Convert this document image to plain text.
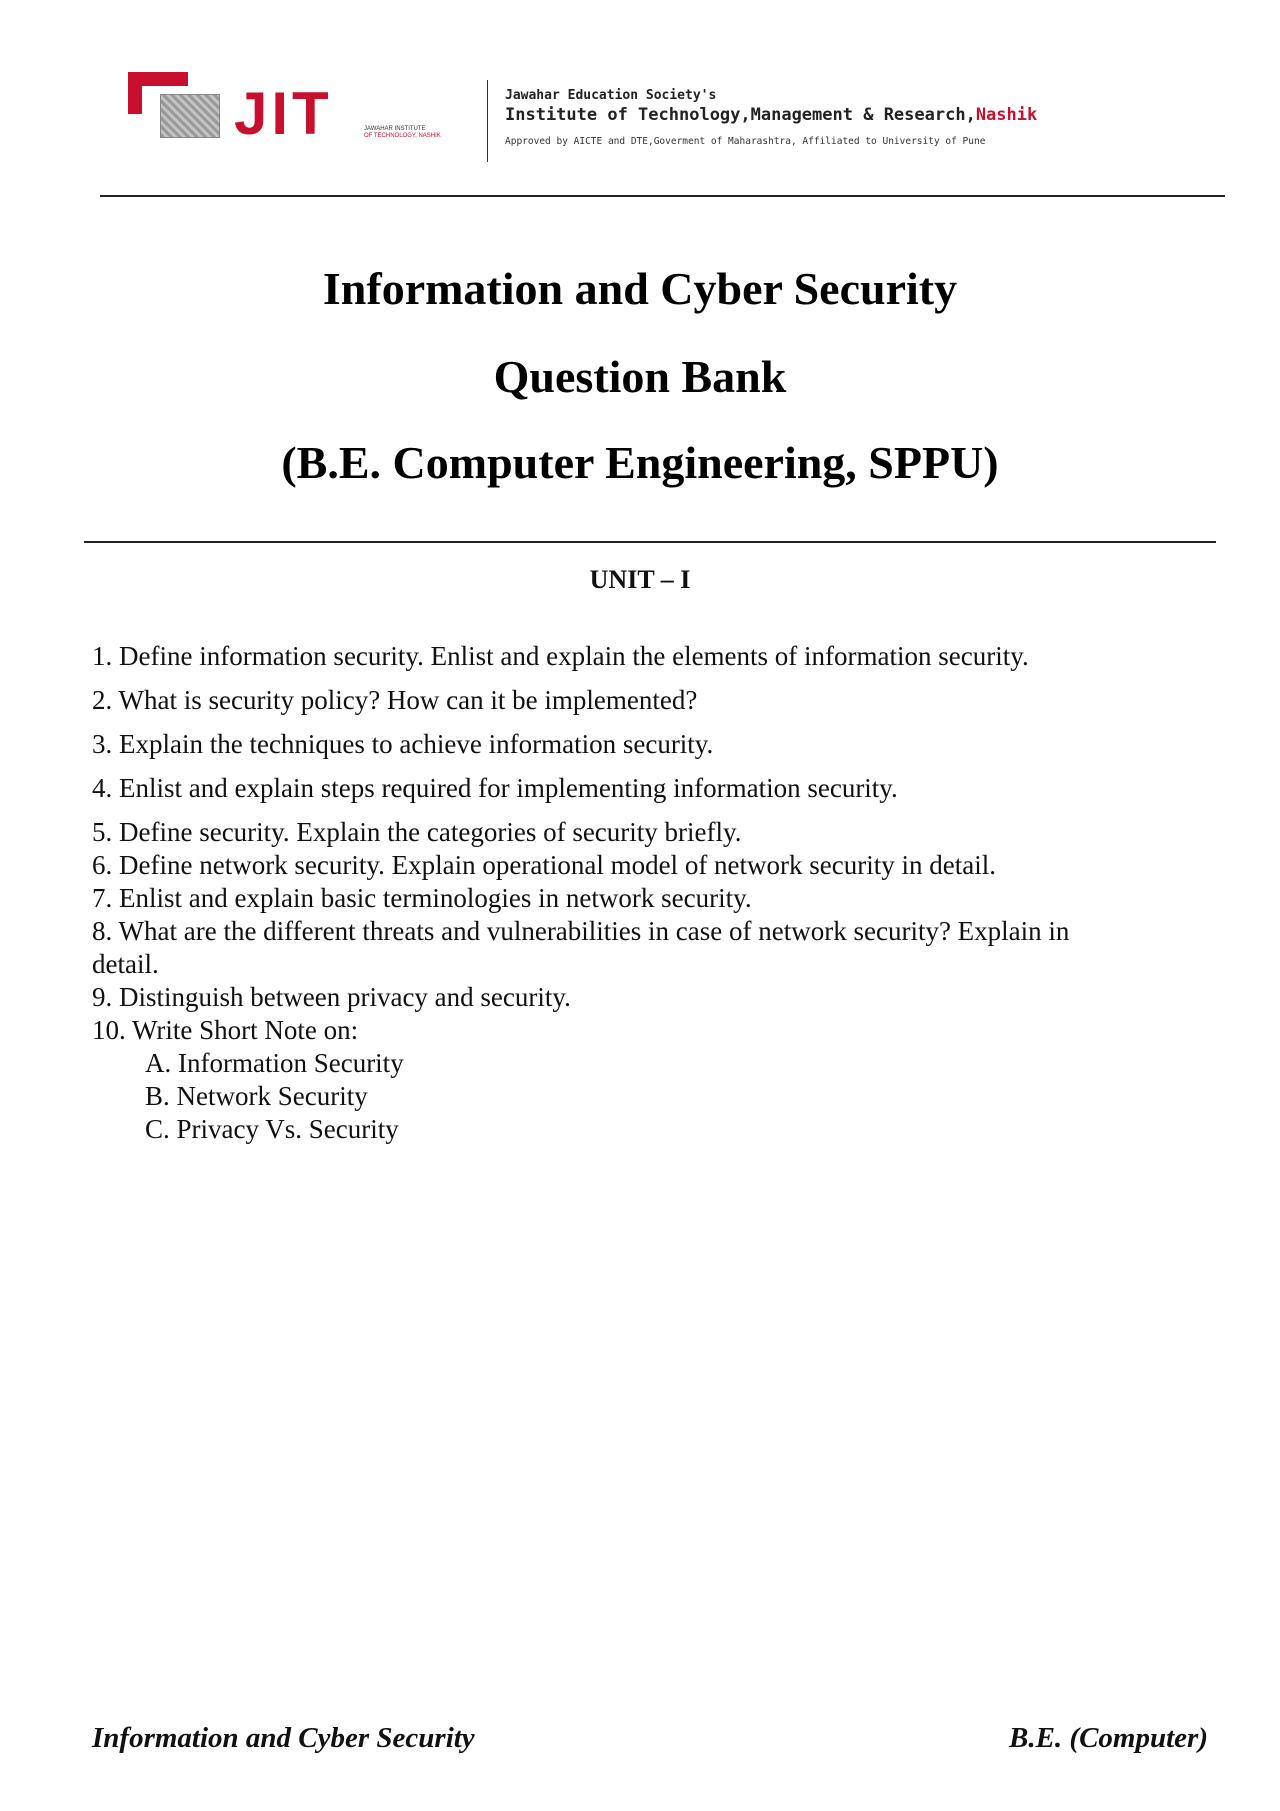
JIT	JAWAHAR INSTITUTE
OF TECHNOLOGY, NASHIK
Jawahar Education Society's
Institute of Technology,Management & Research,Nashik
Approved by AICTE and DTE,Goverment of Maharashtra, Affiliated to University of Pune
Information and Cyber Security
Question Bank
(B.E. Computer Engineering, SPPU)
UNIT – I
1. Define information security. Enlist and explain the elements of information security.
2. What is security policy? How can it be implemented?
3. Explain the techniques to achieve information security.
4. Enlist and explain steps required for implementing information security.
5. Define security. Explain the categories of security briefly.
6. Define network security. Explain operational model of network security in detail.
7. Enlist and explain basic terminologies in network security.
8. What are the different threats and vulnerabilities in case of network security? Explain in
detail.
9. Distinguish between privacy and security.
10. Write Short Note on:
A. Information Security
B. Network Security
C. Privacy Vs. Security
Information and Cyber Security	B.E. (Computer)
